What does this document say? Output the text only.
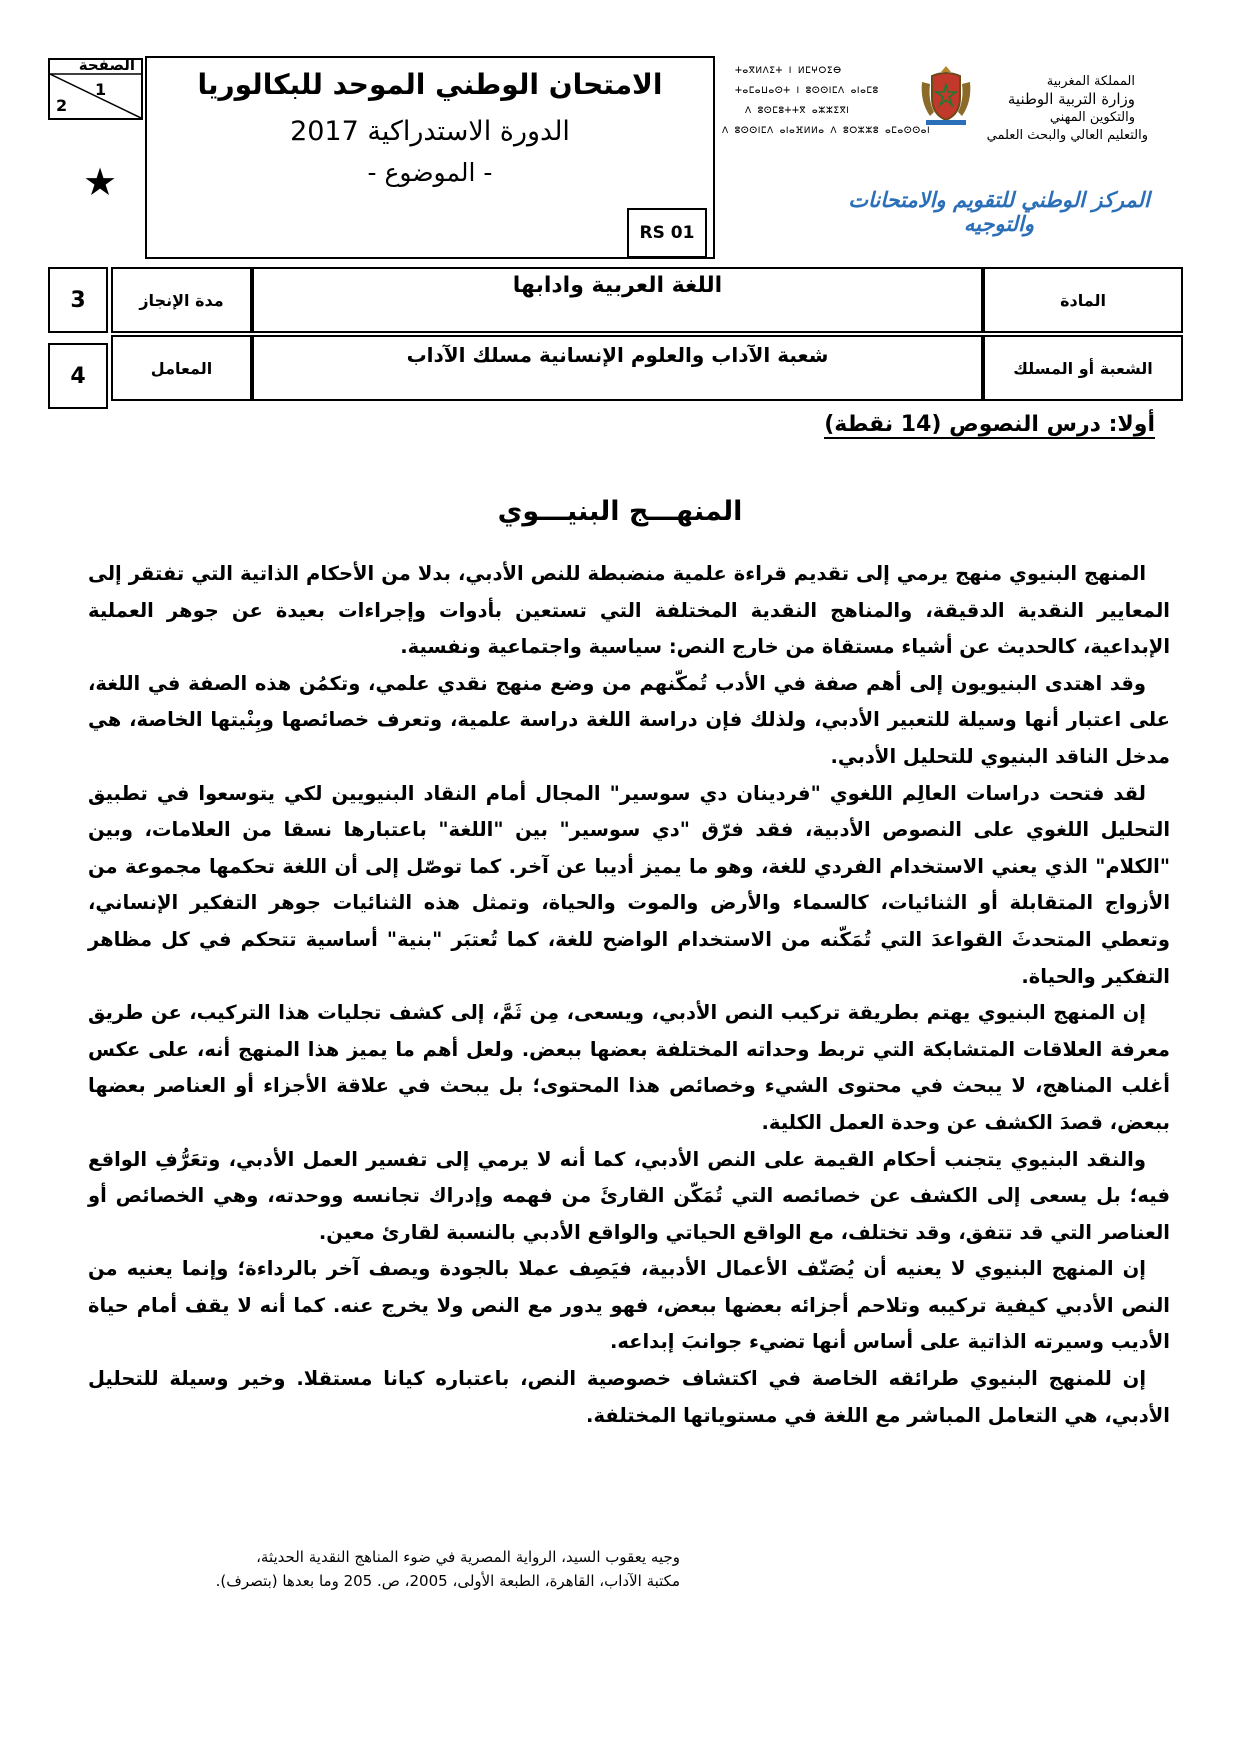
الصفحة
1
2
★
الامتحان الوطني الموحد للبكالوريا
الدورة الاستدراكية 2017
- الموضوع -
RS 01
ⵜⴰⴳⵍⴷⵉⵜ ⵏ ⵍⵎⵖⵔⵉⴱ
ⵜⴰⵎⴰⵡⴰⵙⵜ ⵏ ⵓⵙⵙⵏⵎⴷ ⴰⵏⴰⵎⵓ
ⴷ ⵓⵙⵎⵓⵜⵜⴳ ⴰⵣⵣⵉⴳⵏ
ⴷ ⵓⵙⵙⵏⵎⴷ ⴰⵏⴰⴼⵍⵍⴰ ⴷ ⵓⵔⵣⵣⵓ ⴰⵎⴰⵙⵙⴰⵏ
المملكة المغربية
وزارة التربية الوطنية
والتكوين المهني
والتعليم العالي والبحث العلمي
المركز الوطني للتقويم والامتحانات والتوجيه
3	مدة الإنجاز
اللغة العربية وادابها
المادة
4	المعامل
شعبة الآداب والعلوم الإنسانية مسلك الآداب
الشعبة أو المسلك
أولا: درس النصوص (14 نقطة)
المنهـــج البنيـــوي

المنهج البنيوي منهج يرمي إلى تقديم قراءة علمية منضبطة للنص الأدبي، بدلا من الأحكام الذاتية التي تفتقر إلى المعايير النقدية الدقيقة، والمناهج النقدية المختلفة التي تستعين بأدوات وإجراءات بعيدة عن جوهر العملية الإبداعية، كالحديث عن أشياء مستقاة من خارج النص: سياسية واجتماعية ونفسية.

وقد اهتدى البنيويون إلى أهم صفة في الأدب تُمكّنهم من وضع منهج نقدي علمي، وتكمُن هذه الصفة في اللغة، على اعتبار أنها وسيلة للتعبير الأدبي، ولذلك فإن دراسة اللغة دراسة علمية، وتعرف خصائصها وبِنْيتها الخاصة، هي مدخل الناقد البنيوي للتحليل الأدبي.

لقد فتحت دراسات العالِم اللغوي "فردينان دي سوسير" المجال أمام النقاد البنيويين لكي يتوسعوا في تطبيق التحليل اللغوي على النصوص الأدبية، فقد فرّق "دي سوسير" بين "اللغة" باعتبارها نسقا من العلامات، وبين "الكلام" الذي يعني الاستخدام الفردي للغة، وهو ما يميز أديبا عن آخر. كما توصّل إلى أن اللغة تحكمها مجموعة من الأزواج المتقابلة أو الثنائيات، كالسماء والأرض والموت والحياة، وتمثل هذه الثنائيات جوهر التفكير الإنساني، وتعطي المتحدثَ القواعدَ التي تُمَكّنه من الاستخدام الواضح للغة، كما تُعتبَر "بنية" أساسية تتحكم في كل مظاهر التفكير والحياة.

إن المنهج البنيوي يهتم بطريقة تركيب النص الأدبي، ويسعى، مِن ثَمَّ، إلى كشف تجليات هذا التركيب، عن طريق معرفة العلاقات المتشابكة التي تربط وحداته المختلفة بعضها ببعض. ولعل أهم ما يميز هذا المنهج أنه، على عكس أغلب المناهج، لا يبحث في محتوى الشيء وخصائص هذا المحتوى؛ بل يبحث في علاقة الأجزاء أو العناصر بعضها ببعض، قصدَ الكشف عن وحدة العمل الكلية.

والنقد البنيوي يتجنب أحكام القيمة على النص الأدبي، كما أنه لا يرمي إلى تفسير العمل الأدبي، وتعَرُّفِ الواقع فيه؛ بل يسعى إلى الكشف عن خصائصه التي تُمَكّن القارئَ من فهمه وإدراك تجانسه ووحدته، وهي الخصائص أو العناصر التي قد تتفق، وقد تختلف، مع الواقع الحياتي والواقع الأدبي بالنسبة لقارئ معين.

إن المنهج البنيوي لا يعنيه أن يُصَنّف الأعمال الأدبية، فيَصِف عملا بالجودة ويصف آخر بالرداءة؛ وإنما يعنيه من النص الأدبي كيفية تركيبه وتلاحم أجزائه بعضها ببعض، فهو يدور مع النص ولا يخرج عنه. كما أنه لا يقف أمام حياة الأديب وسيرته الذاتية على أساس أنها تضيء جوانبَ إبداعه.

إن للمنهج البنيوي طرائقه الخاصة في اكتشاف خصوصية النص، باعتباره كيانا مستقلا. وخير وسيلة للتحليل الأدبي، هي التعامل المباشر مع اللغة في مستوياتها المختلفة.

وجيه يعقوب السيد، الرواية المصرية في ضوء المناهج النقدية الحديثة،
مكتبة الآداب، القاهرة، الطبعة الأولى، 2005، ص. 205 وما بعدها (بتصرف).
